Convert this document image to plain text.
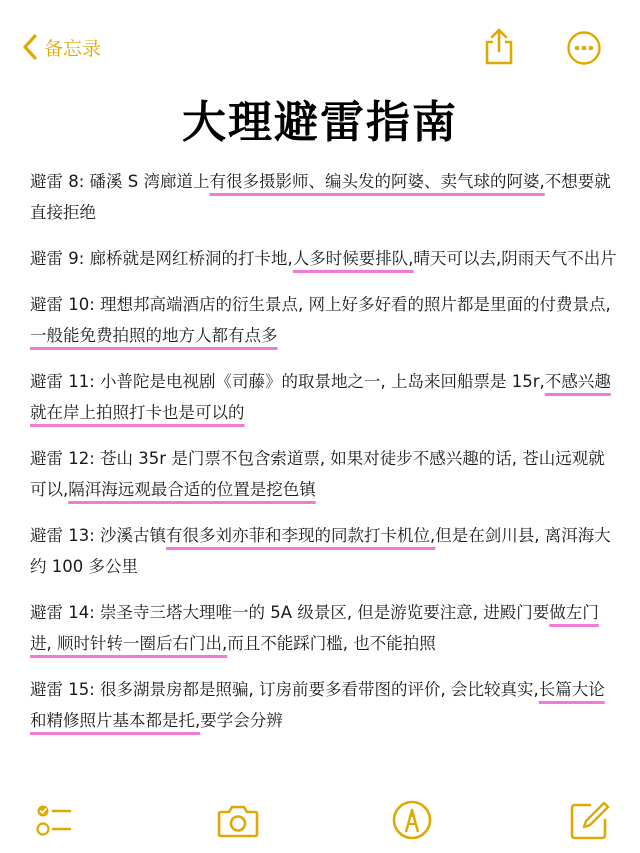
备忘录
大理避雷指南

避雷 8: 磻溪 S 湾廊道上有很多摄影师、编头发的阿婆、卖气球的阿婆,不想要就直接拒绝

避雷 9: 廊桥就是网红桥洞的打卡地,人多时候要排队,晴天可以去,阴雨天气不出片

避雷 10: 理想邦高端酒店的衍生景点, 网上好多好看的照片都是里面的付费景点,一般能免费拍照的地方人都有点多

避雷 11: 小普陀是电视剧《司藤》的取景地之一, 上岛来回船票是 15r,不感兴趣就在岸上拍照打卡也是可以的

避雷 12: 苍山 35r 是门票不包含索道票, 如果对徒步不感兴趣的话, 苍山远观就可以,隔洱海远观最合适的位置是挖色镇

避雷 13: 沙溪古镇有很多刘亦菲和李现的同款打卡机位,但是在剑川县, 离洱海大约 100 多公里

避雷 14: 崇圣寺三塔大理唯一的 5A 级景区, 但是游览要注意, 进殿门要做左门进, 顺时针转一圈后右门出,而且不能踩门槛, 也不能拍照

避雷 15: 很多湖景房都是照骗, 订房前要多看带图的评价, 会比较真实,长篇大论和精修照片基本都是托,要学会分辨
